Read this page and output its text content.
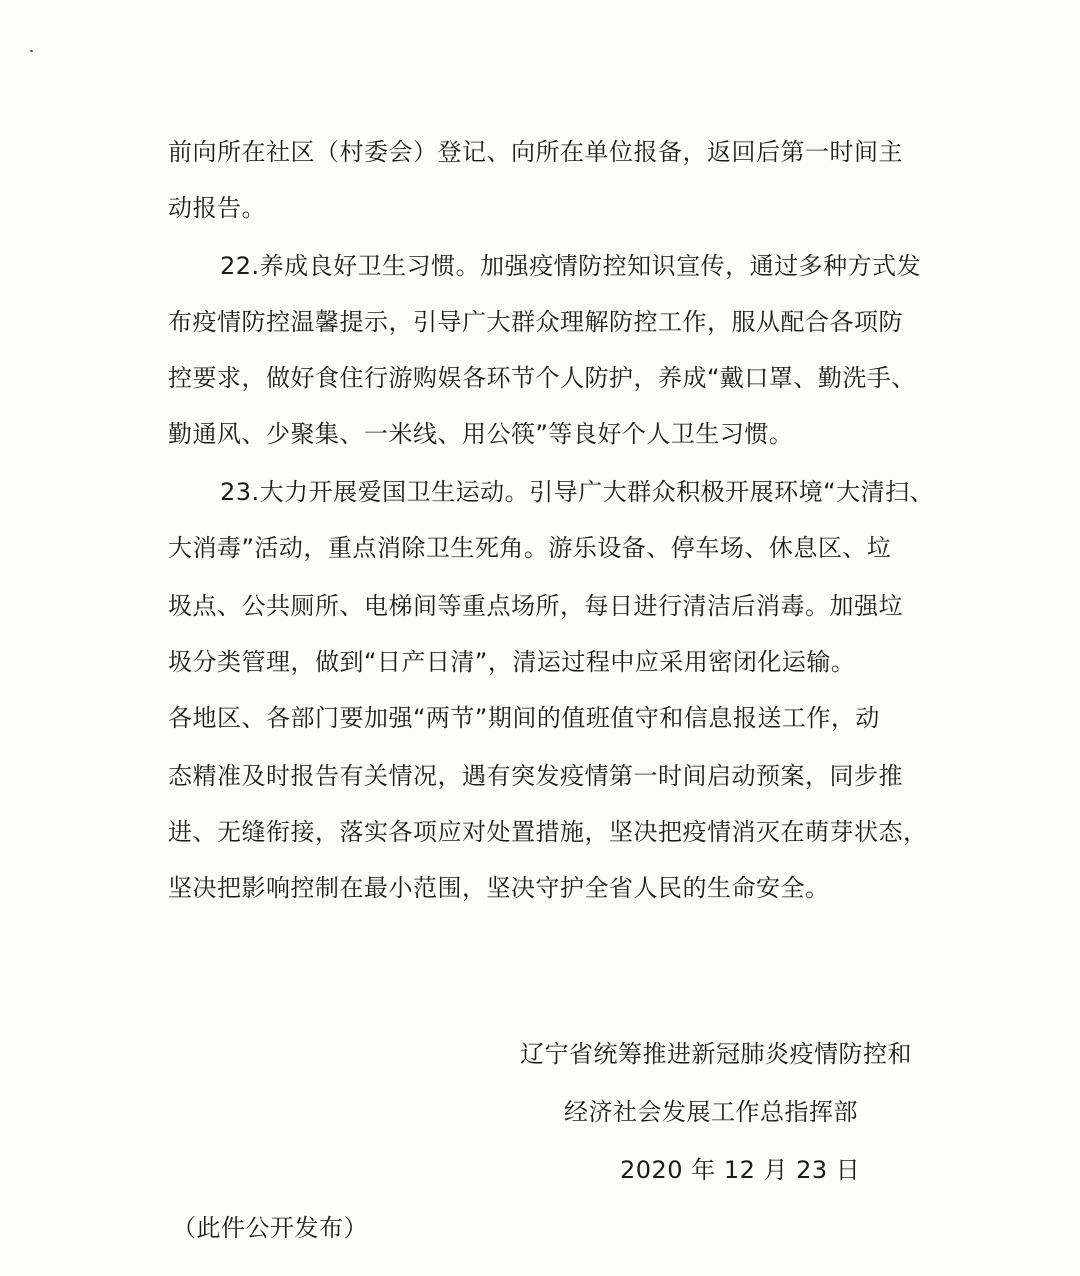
前向所在社区（村委会）登记、向所在单位报备，返回后第一时间主
动报告。
22.养成良好卫生习惯。加强疫情防控知识宣传，通过多种方式发
布疫情防控温馨提示，引导广大群众理解防控工作，服从配合各项防
控要求，做好食住行游购娱各环节个人防护，养成“戴口罩、勤洗手、
勤通风、少聚集、一米线、用公筷”等良好个人卫生习惯。
23.大力开展爱国卫生运动。引导广大群众积极开展环境“大清扫、
大消毒”活动，重点消除卫生死角。游乐设备、停车场、休息区、垃
圾点、公共厕所、电梯间等重点场所，每日进行清洁后消毒。加强垃
圾分类管理，做到“日产日清”，清运过程中应采用密闭化运输。
各地区、各部门要加强“两节”期间的值班值守和信息报送工作，动
态精准及时报告有关情况，遇有突发疫情第一时间启动预案，同步推
进、无缝衔接，落实各项应对处置措施，坚决把疫情消灭在萌芽状态，
坚决把影响控制在最小范围，坚决守护全省人民的生命安全。
辽宁省统筹推进新冠肺炎疫情防控和
经济社会发展工作总指挥部
2020 年 12 月 23 日
（此件公开发布）
